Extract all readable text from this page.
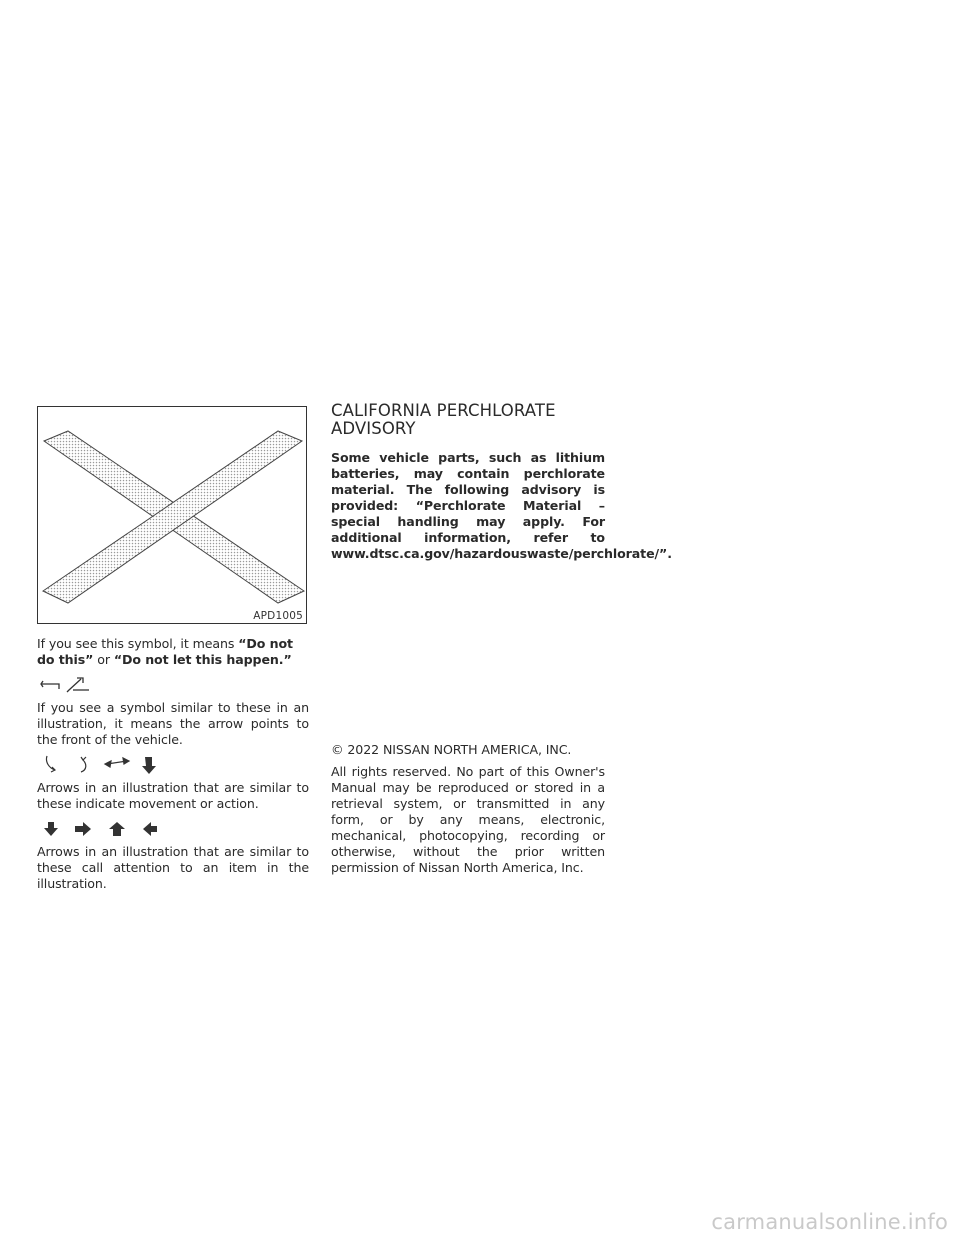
APD1005

If you see this symbol, it means “Do not do this” or “Do not let this happen.”

If you see a symbol similar to these in an illustration, it means the arrow points to the front of the vehicle.

Arrows in an illustration that are similar to these indicate movement or action.

Arrows in an illustration that are similar to these call attention to an item in the illustration.

CALIFORNIA PERCHLORATE ADVISORY

Some vehicle parts, such as lithium batteries, may contain perchlorate material. The following advisory is provided: “Perchlorate Material – special handling may apply. For additional information, refer to www.dtsc.ca.gov/hazardouswaste/perchlorate/”.

© 2022 NISSAN NORTH AMERICA, INC.

All rights reserved. No part of this Owner's Manual may be reproduced or stored in a retrieval system, or transmitted in any form, or by any means, electronic, mechanical, photocopying, recording or otherwise, without the prior written permission of Nissan North America, Inc.

carmanualsonline.info
